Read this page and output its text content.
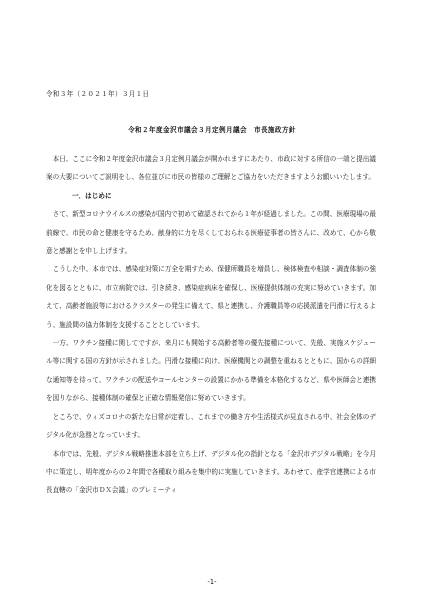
令和３年（２０２１年）３月１日
令和２年度金沢市議会３月定例月議会　市長施政方針

本日、ここに令和２年度金沢市議会３月定例月議会が開かれますにあたり、市政に対する所信の一端と提出議案の大要についてご説明をし、各位並びに市民の皆様のご理解とご協力をいただきますようお願いいたします。

一．はじめに

さて、新型コロナウイルスの感染が国内で初めて確認されてから１年が経過しました。この間、医療現場の最前線で、市民の命と健康を守るため、献身的に力を尽くしておられる医療従事者の皆さんに、改めて、心から敬意と感謝とを申し上げます。

こうした中、本市では、感染症対策に万全を期すため、保健所職員を増員し、検体検査や相談・調査体制の強化を図るとともに、市立病院では、引き続き、感染症病床を確保し、医療提供体制の充実に努めていきます。加えて、高齢者施設等におけるクラスターの発生に備えて、県と連携し、介護職員等の応援派遣を円滑に行えるよう、施設間の協力体制を支援することとしています。

一方、ワクチン接種に関してですが、来月にも開始する高齢者等の優先接種について、先般、実施スケジュール等に関する国の方針が示されました。円滑な接種に向け、医療機関との調整を重ねるとともに、国からの詳細な通知等を待って、ワクチンの配送やコールセンターの設置にかかる準備を本格化するなど、県や医師会と連携を図りながら、接種体制の確保と正確な情報発信に努めていきます。

ところで、ウィズコロナの新たな日常が定着し、これまでの働き方や生活様式が見直される中、社会全体のデジタル化が急務となっています。

本市では、先般、デジタル戦略推進本部を立ち上げ、デジタル化の指針となる「金沢市デジタル戦略」を今月中に策定し、明年度からの２年間で各種取り組みを集中的に実施していきます。あわせて、産学官連携による市長直轄の「金沢市ＤＸ会議」のプレミーティ

-1-
